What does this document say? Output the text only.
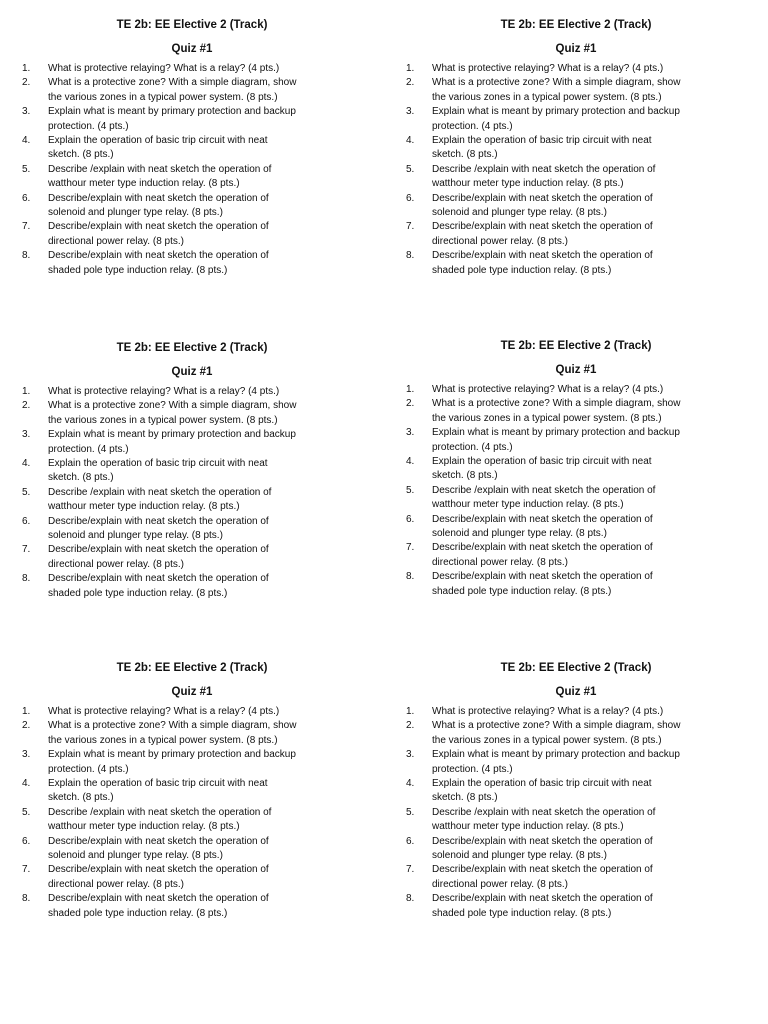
TE 2b: EE Elective 2 (Track)
Quiz #1
1.	What is protective relaying? What is a relay? (4 pts.)
2.	What is a protective zone? With a simple diagram, show
the various zones in a typical power system. (8 pts.)
3.	Explain what is meant by primary protection and backup
protection. (4 pts.)
4.	Explain the operation of basic trip circuit with neat
sketch. (8 pts.)
5.	Describe /explain with neat sketch the operation of
watthour meter type induction relay. (8 pts.)
6.	Describe/explain with neat sketch the operation of
solenoid and plunger type relay. (8 pts.)
7.	Describe/explain with neat sketch the operation of
directional power relay. (8 pts.)
8.	Describe/explain with neat sketch the operation of
shaded pole type induction relay. (8 pts.)
TE 2b: EE Elective 2 (Track)
Quiz #1
1.	What is protective relaying? What is a relay? (4 pts.)
2.	What is a protective zone? With a simple diagram, show
the various zones in a typical power system. (8 pts.)
3.	Explain what is meant by primary protection and backup
protection. (4 pts.)
4.	Explain the operation of basic trip circuit with neat
sketch. (8 pts.)
5.	Describe /explain with neat sketch the operation of
watthour meter type induction relay. (8 pts.)
6.	Describe/explain with neat sketch the operation of
solenoid and plunger type relay. (8 pts.)
7.	Describe/explain with neat sketch the operation of
directional power relay. (8 pts.)
8.	Describe/explain with neat sketch the operation of
shaded pole type induction relay. (8 pts.)
TE 2b: EE Elective 2 (Track)
Quiz #1
1.	What is protective relaying? What is a relay? (4 pts.)
2.	What is a protective zone? With a simple diagram, show
the various zones in a typical power system. (8 pts.)
3.	Explain what is meant by primary protection and backup
protection. (4 pts.)
4.	Explain the operation of basic trip circuit with neat
sketch. (8 pts.)
5.	Describe /explain with neat sketch the operation of
watthour meter type induction relay. (8 pts.)
6.	Describe/explain with neat sketch the operation of
solenoid and plunger type relay. (8 pts.)
7.	Describe/explain with neat sketch the operation of
directional power relay. (8 pts.)
8.	Describe/explain with neat sketch the operation of
shaded pole type induction relay. (8 pts.)
TE 2b: EE Elective 2 (Track)
Quiz #1
1.	What is protective relaying? What is a relay? (4 pts.)
2.	What is a protective zone? With a simple diagram, show
the various zones in a typical power system. (8 pts.)
3.	Explain what is meant by primary protection and backup
protection. (4 pts.)
4.	Explain the operation of basic trip circuit with neat
sketch. (8 pts.)
5.	Describe /explain with neat sketch the operation of
watthour meter type induction relay. (8 pts.)
6.	Describe/explain with neat sketch the operation of
solenoid and plunger type relay. (8 pts.)
7.	Describe/explain with neat sketch the operation of
directional power relay. (8 pts.)
8.	Describe/explain with neat sketch the operation of
shaded pole type induction relay. (8 pts.)
TE 2b: EE Elective 2 (Track)
Quiz #1
1.	What is protective relaying? What is a relay? (4 pts.)
2.	What is a protective zone? With a simple diagram, show
the various zones in a typical power system. (8 pts.)
3.	Explain what is meant by primary protection and backup
protection. (4 pts.)
4.	Explain the operation of basic trip circuit with neat
sketch. (8 pts.)
5.	Describe /explain with neat sketch the operation of
watthour meter type induction relay. (8 pts.)
6.	Describe/explain with neat sketch the operation of
solenoid and plunger type relay. (8 pts.)
7.	Describe/explain with neat sketch the operation of
directional power relay. (8 pts.)
8.	Describe/explain with neat sketch the operation of
shaded pole type induction relay. (8 pts.)
TE 2b: EE Elective 2 (Track)
Quiz #1
1.	What is protective relaying? What is a relay? (4 pts.)
2.	What is a protective zone? With a simple diagram, show
the various zones in a typical power system. (8 pts.)
3.	Explain what is meant by primary protection and backup
protection. (4 pts.)
4.	Explain the operation of basic trip circuit with neat
sketch. (8 pts.)
5.	Describe /explain with neat sketch the operation of
watthour meter type induction relay. (8 pts.)
6.	Describe/explain with neat sketch the operation of
solenoid and plunger type relay. (8 pts.)
7.	Describe/explain with neat sketch the operation of
directional power relay. (8 pts.)
8.	Describe/explain with neat sketch the operation of
shaded pole type induction relay. (8 pts.)
